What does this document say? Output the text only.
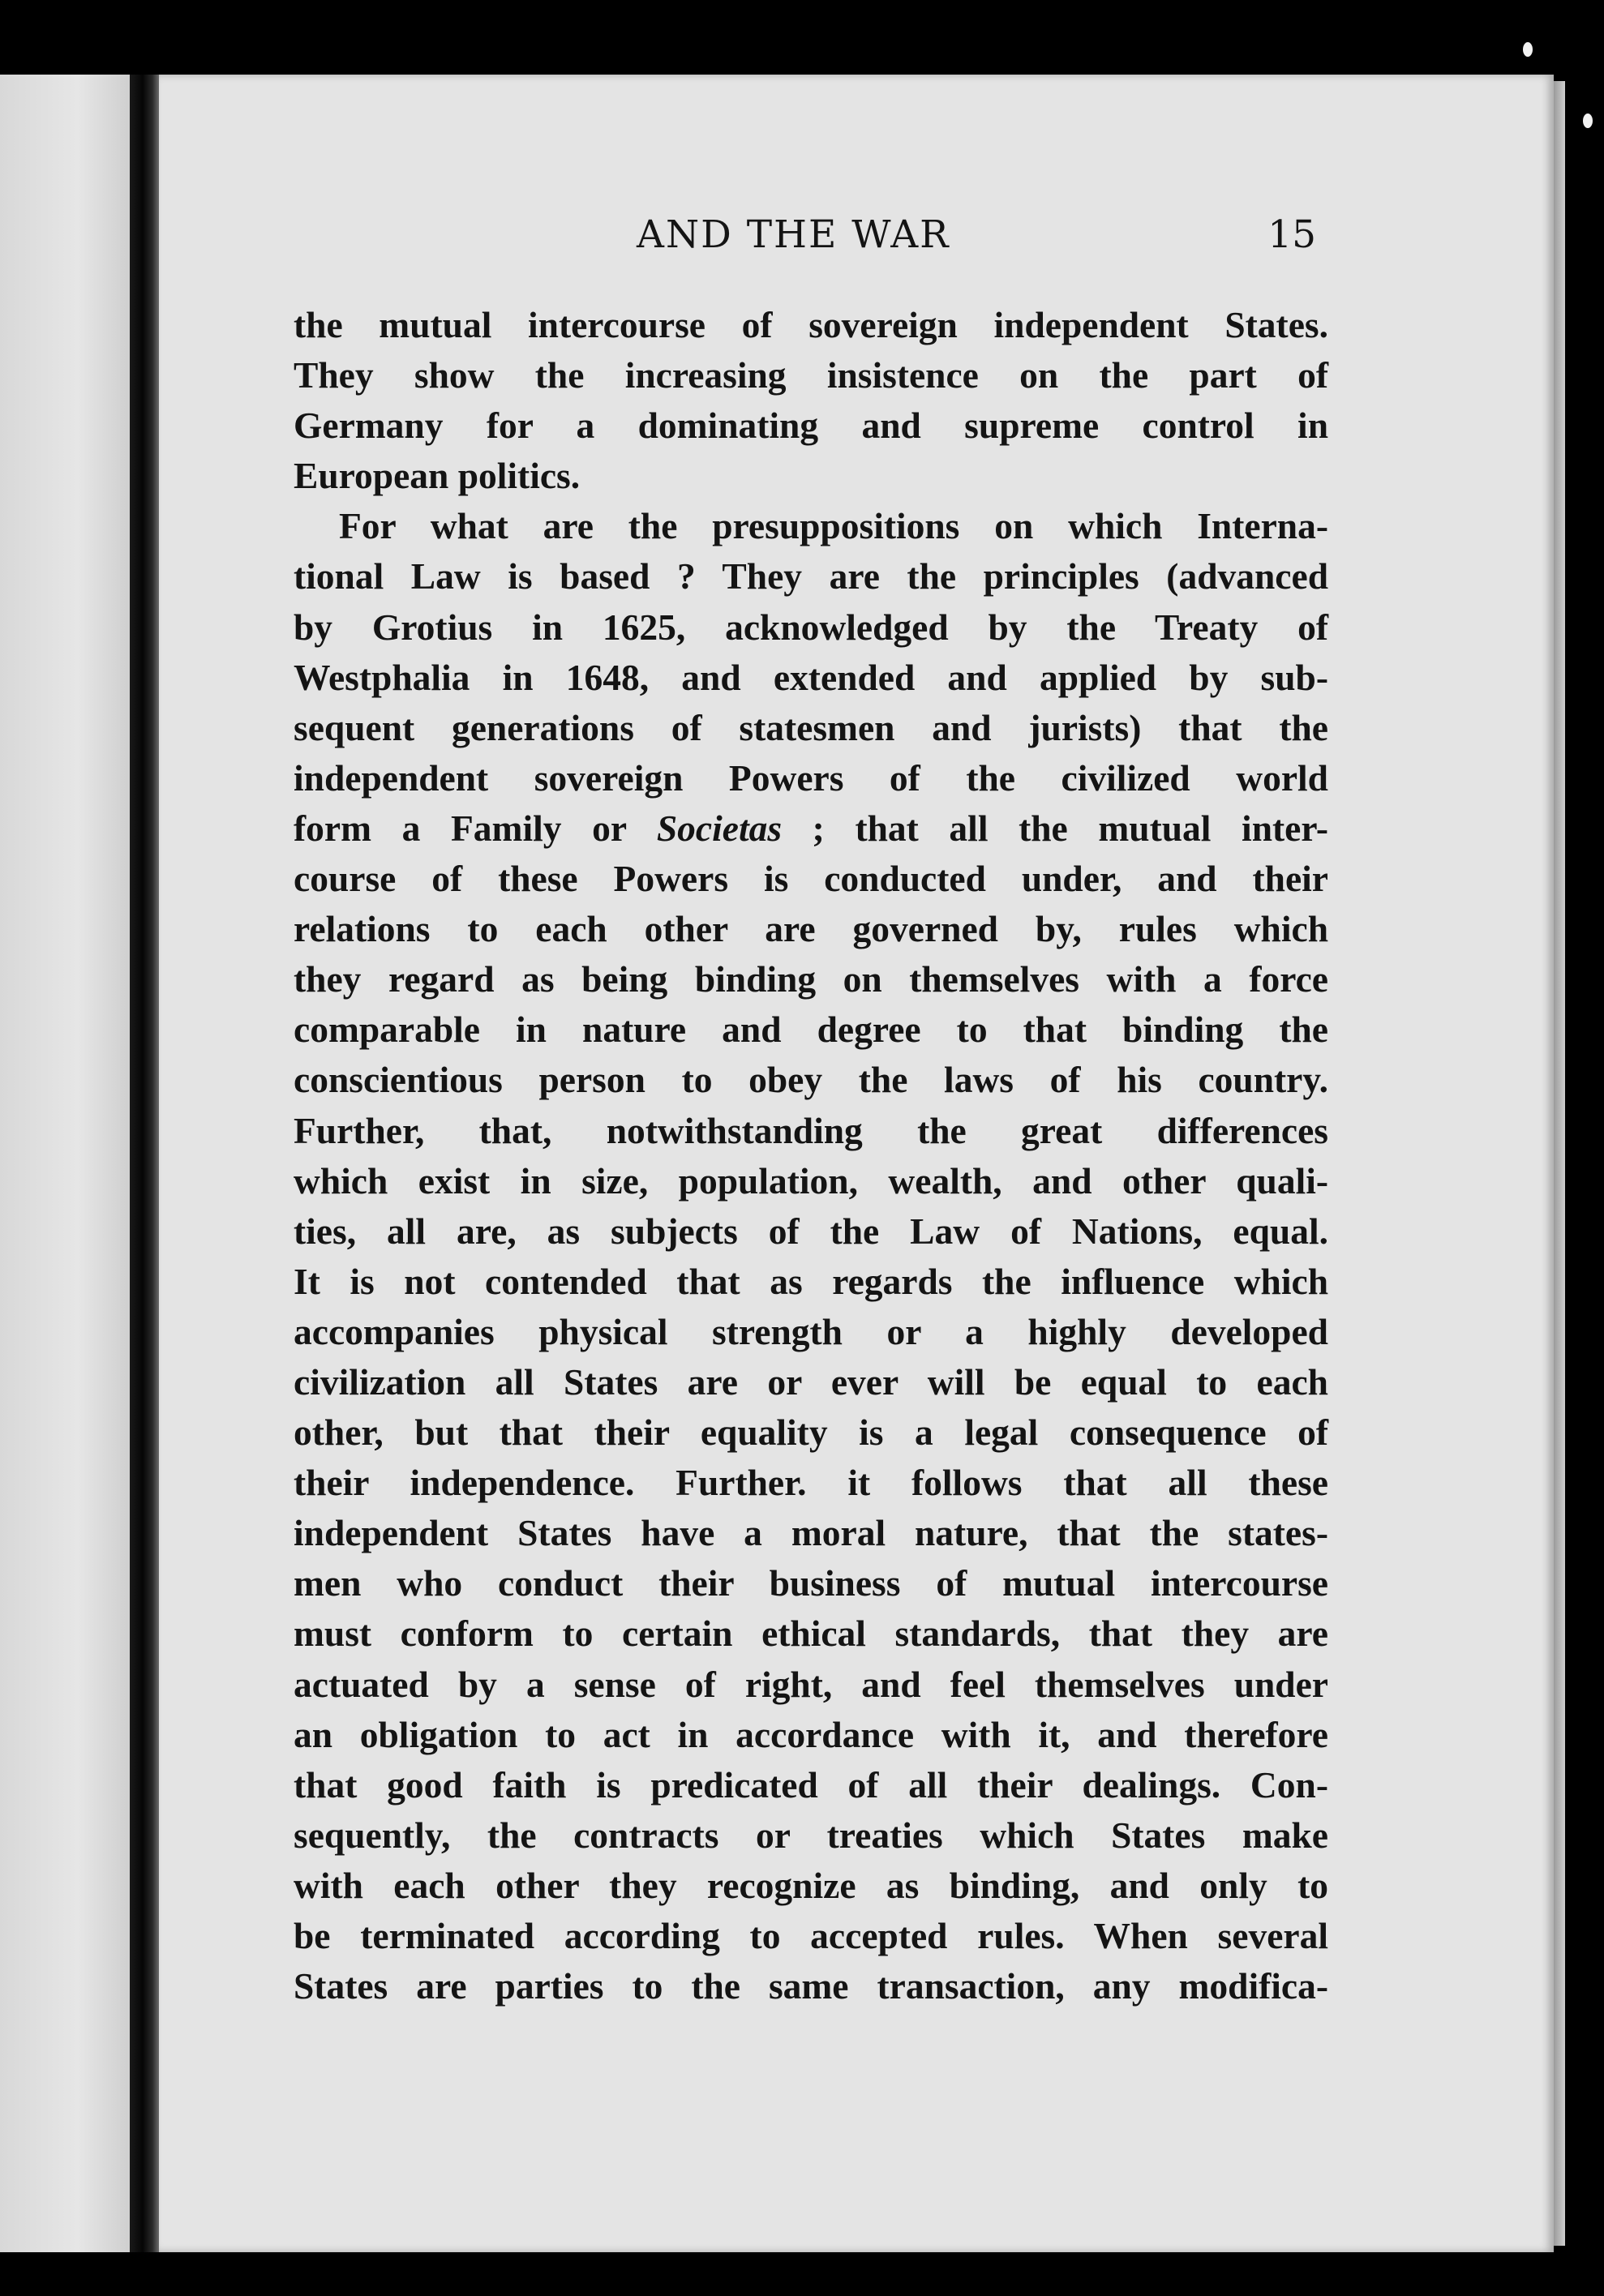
AND THE WAR	15
the mutual intercourse of sovereign independent States.
They show the increasing insistence on the part of
Germany for a dominating and supreme control in
European politics.
For what are the presuppositions on which Interna-
tional Law is based ? They are the principles (advanced
by Grotius in 1625, acknowledged by the Treaty of
Westphalia in 1648, and extended and applied by sub-
sequent generations of statesmen and jurists) that the
independent sovereign Powers of the civilized world
form a Family or Societas ; that all the mutual inter-
course of these Powers is conducted under, and their
relations to each other are governed by, rules which
they regard as being binding on themselves with a force
comparable in nature and degree to that binding the
conscientious person to obey the laws of his country.
Further, that, notwithstanding the great differences
which exist in size, population, wealth, and other quali-
ties, all are, as subjects of the Law of Nations, equal.
It is not contended that as regards the influence which
accompanies physical strength or a highly developed
civilization all States are or ever will be equal to each
other, but that their equality is a legal consequence of
their independence. Further. it follows that all these
independent States have a moral nature, that the states-
men who conduct their business of mutual intercourse
must conform to certain ethical standards, that they are
actuated by a sense of right, and feel themselves under
an obligation to act in accordance with it, and therefore
that good faith is predicated of all their dealings. Con-
sequently, the contracts or treaties which States make
with each other they recognize as binding, and only to
be terminated according to accepted rules. When several
States are parties to the same transaction, any modifica-
